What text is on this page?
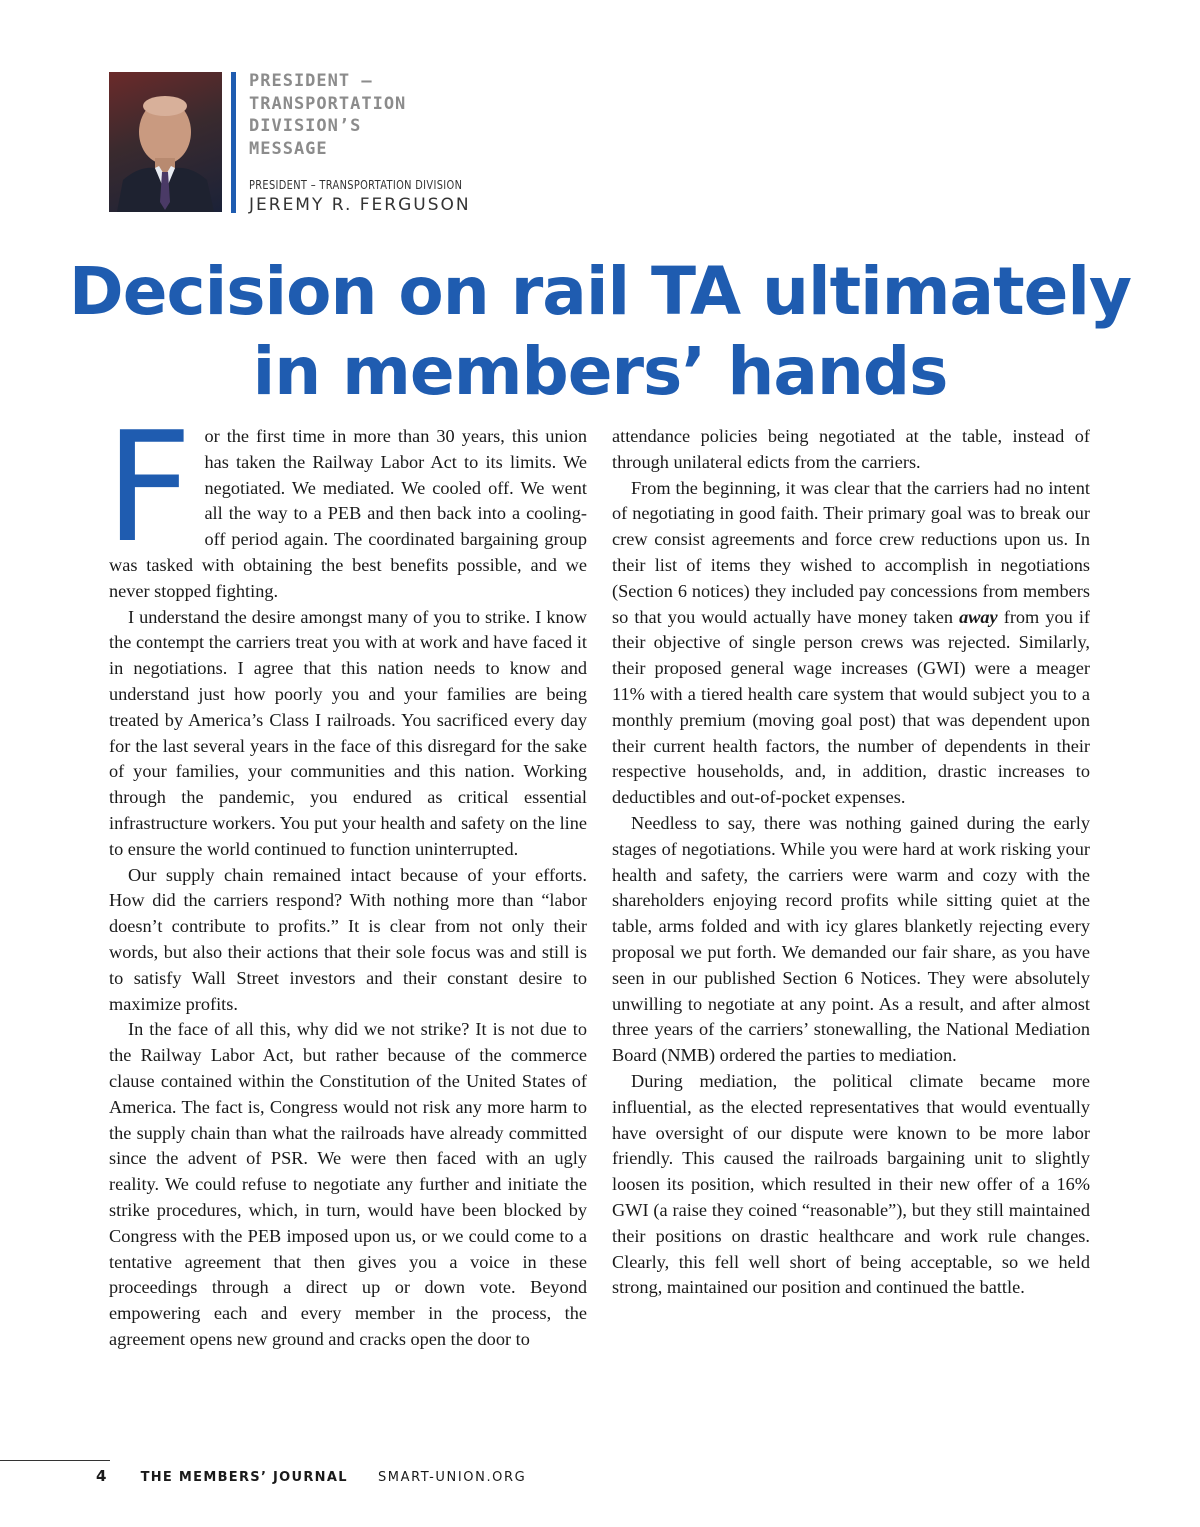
PRESIDENT –
TRANSPORTATION
DIVISION’S
MESSAGE
PRESIDENT – TRANSPORTATION DIVISION
JEREMY R. FERGUSON
Decision on rail TA ultimately
in members’ hands

For the first time in more than 30 years, this union has taken the Railway Labor Act to its limits. We negotiated. We mediated. We cooled off. We went all the way to a PEB and then back into a cooling-off period again. The coordinated bargaining group was tasked with obtaining the best benefits possible, and we never stopped fighting.

I understand the desire amongst many of you to strike. I know the contempt the carriers treat you with at work and have faced it in negotiations. I agree that this nation needs to know and understand just how poorly you and your families are being treated by America’s Class I railroads. You sacrificed every day for the last several years in the face of this disregard for the sake of your families, your communities and this nation. Working through the pandemic, you endured as critical essential infrastructure workers. You put your health and safety on the line to ensure the world continued to function uninterrupted.

Our supply chain remained intact because of your efforts. How did the carriers respond? With nothing more than “labor doesn’t contribute to profits.” It is clear from not only their words, but also their actions that their sole focus was and still is to satisfy Wall Street investors and their constant desire to maximize profits.

In the face of all this, why did we not strike? It is not due to the Railway Labor Act, but rather because of the commerce clause contained within the Constitution of the United States of America. The fact is, Congress would not risk any more harm to the supply chain than what the railroads have already committed since the advent of PSR. We were then faced with an ugly reality. We could refuse to negotiate any further and initiate the strike procedures, which, in turn, would have been blocked by Congress with the PEB imposed upon us, or we could come to a tentative agreement that then gives you a voice in these proceedings through a direct up or down vote. Beyond empowering each and every member in the process, the agreement opens new ground and cracks open the door to

attendance policies being negotiated at the table, instead of through unilateral edicts from the carriers.

From the beginning, it was clear that the carriers had no intent of negotiating in good faith. Their primary goal was to break our crew consist agreements and force crew reductions upon us. In their list of items they wished to accomplish in negotiations (Section 6 notices) they included pay concessions from members so that you would actually have money taken away from you if their objective of single person crews was rejected. Similarly, their proposed general wage increases (GWI) were a meager 11% with a tiered health care system that would subject you to a monthly premium (moving goal post) that was dependent upon their current health factors, the number of dependents in their respective households, and, in addition, drastic increases to deductibles and out-of-pocket expenses.

Needless to say, there was nothing gained during the early stages of negotiations. While you were hard at work risking your health and safety, the carriers were warm and cozy with the shareholders enjoying record profits while sitting quiet at the table, arms folded and with icy glares blanketly rejecting every proposal we put forth. We demanded our fair share, as you have seen in our published Section 6 Notices. They were absolutely unwilling to negotiate at any point. As a result, and after almost three years of the carriers’ stonewalling, the National Mediation Board (NMB) ordered the parties to mediation.

During mediation, the political climate became more influential, as the elected representatives that would eventually have oversight of our dispute were known to be more labor friendly. This caused the railroads bargaining unit to slightly loosen its position, which resulted in their new offer of a 16% GWI (a raise they coined “reasonable”), but they still maintained their positions on drastic healthcare and work rule changes. Clearly, this fell well short of being acceptable, so we held strong, maintained our position and continued the battle.

4	THE MEMBERS’ JOURNAL SMART-UNION.ORG
